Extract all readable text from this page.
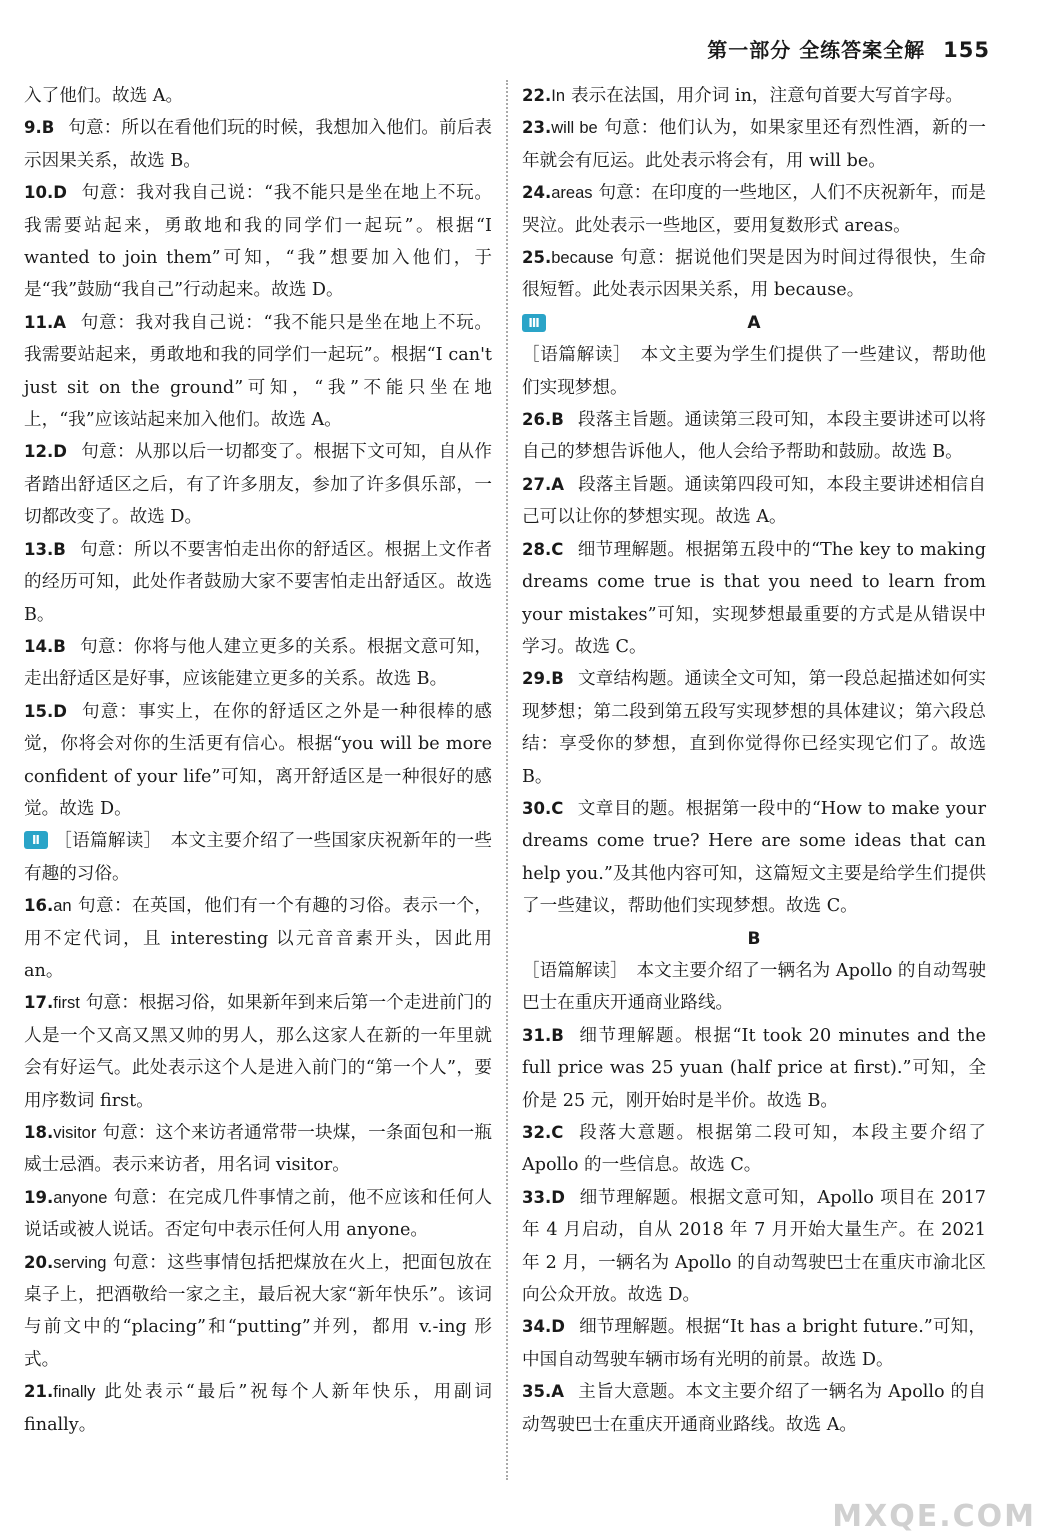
第一部分 全练答案全解 155

入了他们。故选 A。

9.B 句意：所以在看他们玩的时候，我想加入他们。前后表示因果关系，故选 B。

10.D 句意：我对我自己说：“我不能只是坐在地上不玩。我需要站起来，勇敢地和我的同学们一起玩”。根据“I wanted to join them”可知，“我”想要加入他们，于是“我”鼓励“我自己”行动起来。故选 D。

11.A 句意：我对我自己说：“我不能只是坐在地上不玩。我需要站起来，勇敢地和我的同学们一起玩”。根据“I can't just sit on the ground”可知，“我”不能只坐在地上，“我”应该站起来加入他们。故选 A。

12.D 句意：从那以后一切都变了。根据下文可知，自从作者踏出舒适区之后，有了许多朋友，参加了许多俱乐部，一切都改变了。故选 D。

13.B 句意：所以不要害怕走出你的舒适区。根据上文作者的经历可知，此处作者鼓励大家不要害怕走出舒适区。故选 B。

14.B 句意：你将与他人建立更多的关系。根据文意可知，走出舒适区是好事，应该能建立更多的关系。故选 B。

15.D 句意：事实上，在你的舒适区之外是一种很棒的感觉，你将会对你的生活更有信心。根据“you will be more confident of your life”可知，离开舒适区是一种很好的感觉。故选 D。

Ⅱ ［语篇解读］　本文主要介绍了一些国家庆祝新年的一些有趣的习俗。

16.an 句意：在英国，他们有一个有趣的习俗。表示一个，用不定代词，且 interesting 以元音音素开头，因此用 an。

17.first 句意：根据习俗，如果新年到来后第一个走进前门的人是一个又高又黑又帅的男人，那么这家人在新的一年里就会有好运气。此处表示这个人是进入前门的“第一个人”，要用序数词 first。

18.visitor 句意：这个来访者通常带一块煤，一条面包和一瓶威士忌酒。表示来访者，用名词 visitor。

19.anyone 句意：在完成几件事情之前，他不应该和任何人说话或被人说话。否定句中表示任何人用 anyone。

20.serving 句意：这些事情包括把煤放在火上，把面包放在桌子上，把酒敬给一家之主，最后祝大家“新年快乐”。该词与前文中的“placing”和“putting”并列，都用 v.-ing 形式。

21.finally 此处表示“最后”祝每个人新年快乐，用副词finally。

22.In 表示在法国，用介词 in，注意句首要大写首字母。

23.will be 句意：他们认为，如果家里还有烈性酒，新的一年就会有厄运。此处表示将会有，用 will be。

24.areas 句意：在印度的一些地区，人们不庆祝新年，而是哭泣。此处表示一些地区，要用复数形式 areas。

25.because 句意：据说他们哭是因为时间过得很快，生命很短暂。此处表示因果关系，用 because。

Ⅲ	A

［语篇解读］　本文主要为学生们提供了一些建议，帮助他们实现梦想。

26.B 段落主旨题。通读第三段可知，本段主要讲述可以将自己的梦想告诉他人，他人会给予帮助和鼓励。故选 B。

27.A 段落主旨题。通读第四段可知，本段主要讲述相信自己可以让你的梦想实现。故选 A。

28.C 细节理解题。根据第五段中的“The key to making dreams come true is that you need to learn from your mistakes”可知，实现梦想最重要的方式是从错误中学习。故选 C。

29.B 文章结构题。通读全文可知，第一段总起描述如何实现梦想；第二段到第五段写实现梦想的具体建议；第六段总结：享受你的梦想，直到你觉得你已经实现它们了。故选 B。

30.C 文章目的题。根据第一段中的“How to make your dreams come true? Here are some ideas that can help you.”及其他内容可知，这篇短文主要是给学生们提供了一些建议，帮助他们实现梦想。故选 C。

B

［语篇解读］　本文主要介绍了一辆名为 Apollo 的自动驾驶巴士在重庆开通商业路线。

31.B 细节理解题。根据“It took 20 minutes and the full price was 25 yuan (half price at first).”可知，全价是 25 元，刚开始时是半价。故选 B。

32.C 段落大意题。根据第二段可知，本段主要介绍了 Apollo 的一些信息。故选 C。

33.D 细节理解题。根据文意可知，Apollo 项目在 2017 年 4 月启动，自从 2018 年 7 月开始大量生产。在 2021 年 2 月，一辆名为 Apollo 的自动驾驶巴士在重庆市渝北区向公众开放。故选 D。

34.D 细节理解题。根据“It has a bright future.”可知，中国自动驾驶车辆市场有光明的前景。故选 D。

35.A 主旨大意题。本文主要介绍了一辆名为 Apollo 的自动驾驶巴士在重庆开通商业路线。故选 A。

MXQE.COM
